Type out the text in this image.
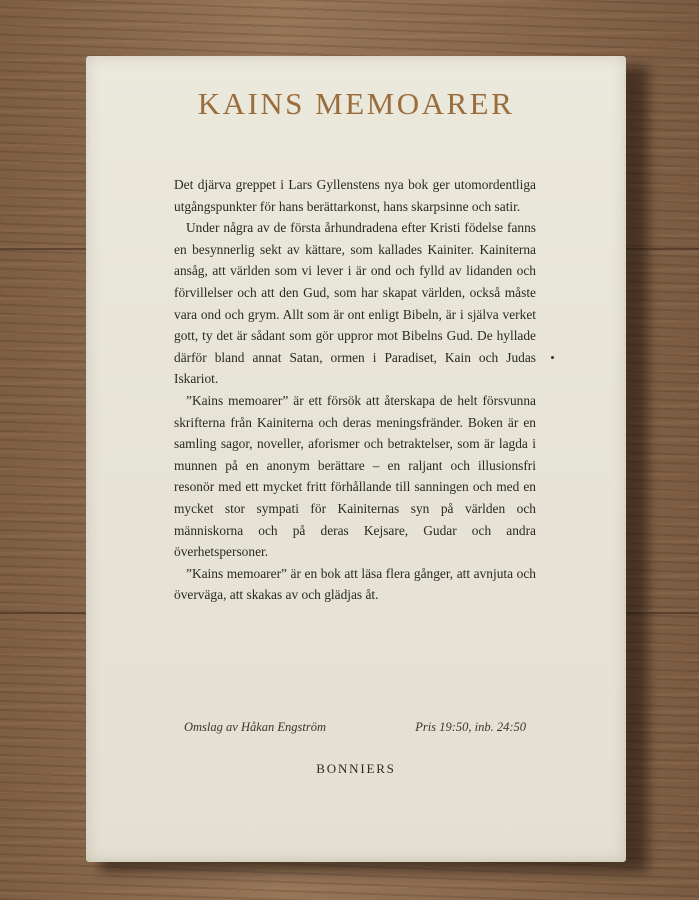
KAINS MEMOARER

Det djärva greppet i Lars Gyllenstens nya bok ger utomordentliga utgångspunkter för hans berättarkonst, hans skarpsinne och satir.

Under några av de första århundradena efter Kristi födelse fanns en besynnerlig sekt av kättare, som kallades Kainiter. Kainiterna ansåg, att världen som vi lever i är ond och fylld av lidanden och förvillelser och att den Gud, som har skapat världen, också måste vara ond och grym. Allt som är ont enligt Bibeln, är i själva verket gott, ty det är sådant som gör uppror mot Bibelns Gud. De hyllade därför bland annat Satan, ormen i Paradiset, Kain och Judas Iskariot.

”Kains memoarer” är ett försök att återskapa de helt försvunna skrifterna från Kainiterna och deras meningsfränder. Boken är en samling sagor, noveller, aforismer och betraktelser, som är lagda i munnen på en anonym berättare – en raljant och illusionsfri resonör med ett mycket fritt förhållande till sanningen och med en mycket stor sympati för Kainiternas syn på världen och människorna och på deras Kejsare, Gudar och andra överhetspersoner.

”Kains memoarer” är en bok att läsa flera gånger, att avnjuta och överväga, att skakas av och glädjas åt.

Omslag av Håkan Engström	Pris 19:50, inb. 24:50
BONNIERS
